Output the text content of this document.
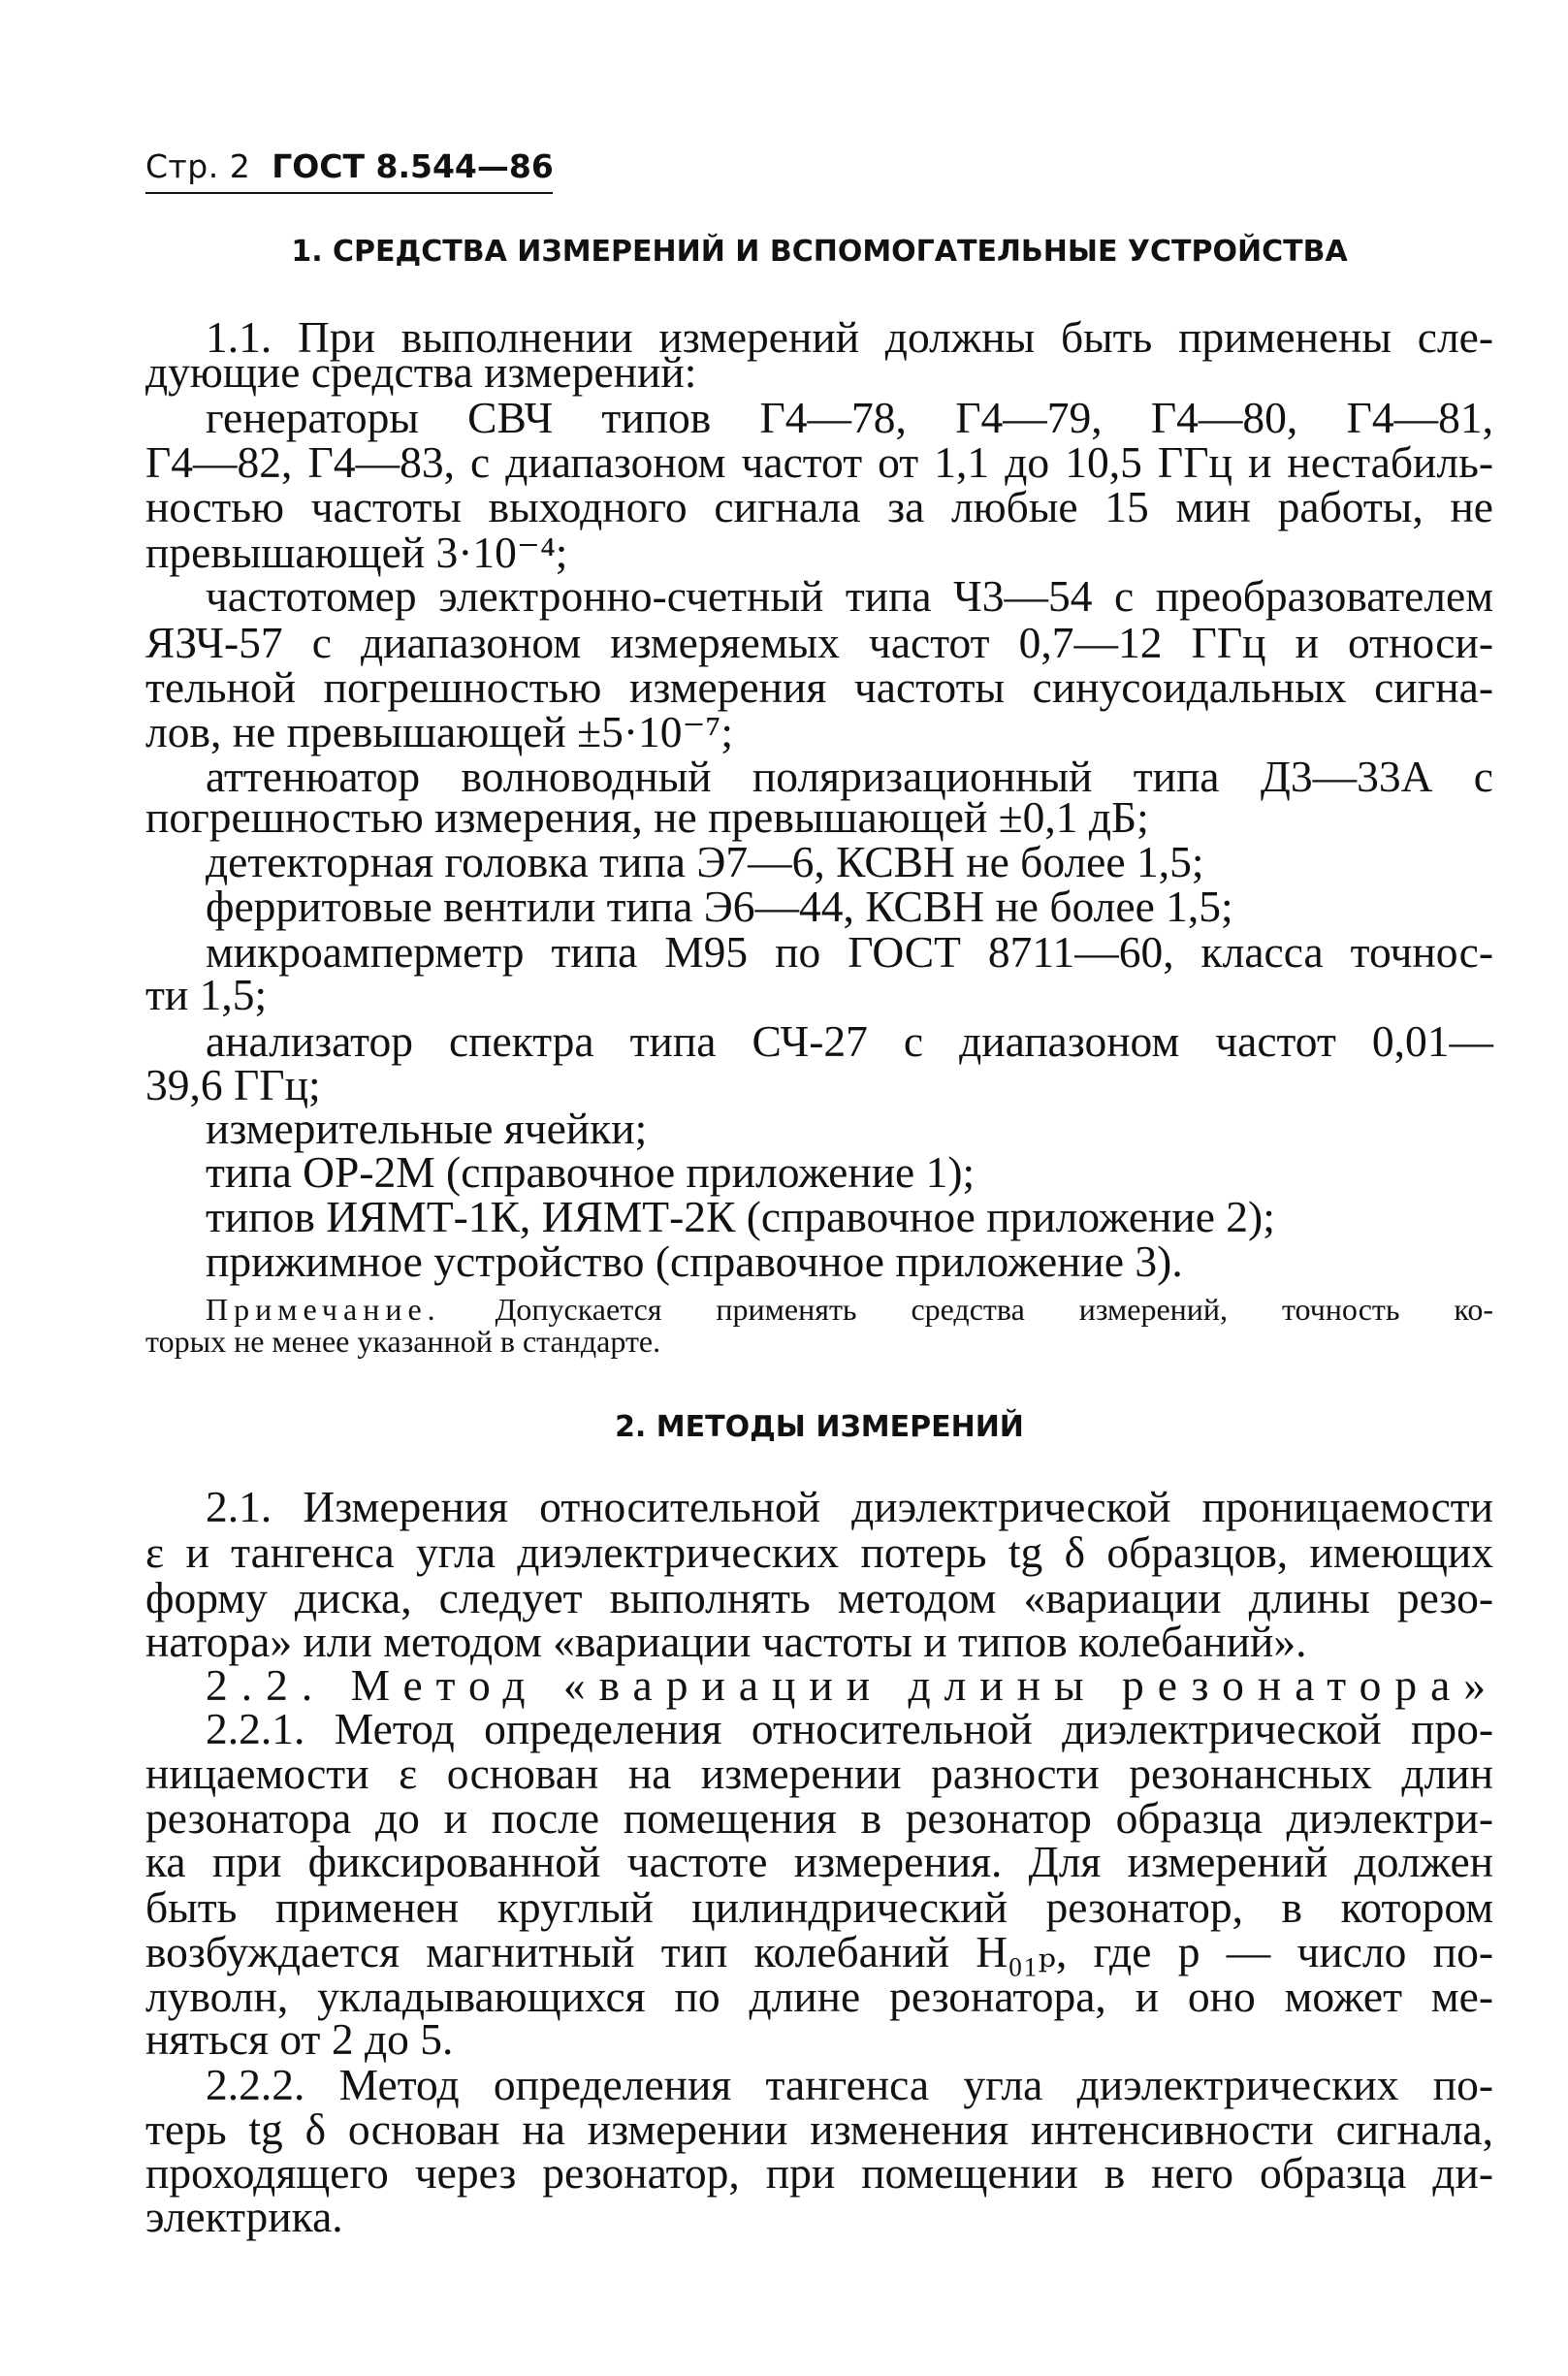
Стр. 2 ГОСТ 8.544—86
1. СРЕДСТВА ИЗМЕРЕНИЙ И ВСПОМОГАТЕЛЬНЫЕ УСТРОЙСТВА
1.1. При выполнении измерений должны быть применены сле-
дующие средства измерений:
генераторы СВЧ типов Г4—78, Г4—79, Г4—80, Г4—81,
Г4—82, Г4—83, с диапазоном частот от 1,1 до 10,5 ГГц и нестабиль-
ностью частоты выходного сигнала за любые 15 мин работы, не
превышающей 3·10⁻⁴;
частотомер электронно-счетный типа Ч3—54 с преобразователем
ЯЗЧ-57 с диапазоном измеряемых частот 0,7—12 ГГц и относи-
тельной погрешностью измерения частоты синусоидальных сигна-
лов, не превышающей ±5·10⁻⁷;
аттенюатор волноводный поляризационный типа Д3—33А с
погрешностью измерения, не превышающей ±0,1 дБ;
детекторная головка типа Э7—6, КСВН не более 1,5;
ферритовые вентили типа Э6—44, КСВН не более 1,5;
микроамперметр типа М95 по ГОСТ 8711—60, класса точнос-
ти 1,5;
анализатор спектра типа СЧ-27 с диапазоном частот 0,01—
39,6 ГГц;
измерительные ячейки;
типа ОР-2М (справочное приложение 1);
типов ИЯМТ-1К, ИЯМТ-2К (справочное приложение 2);
прижимное устройство (справочное приложение 3).
Примечание. Допускается применять средства измерений, точность ко-
торых не менее указанной в стандарте.
2. МЕТОДЫ ИЗМЕРЕНИЙ
2.1. Измерения относительной диэлектрической проницаемости
ε и тангенса угла диэлектрических потерь tg δ образцов, имеющих
форму диска, следует выполнять методом «вариации длины резо-
натора» или методом «вариации частоты и типов колебаний».
2.2. Метод «вариации длины резонатора»
2.2.1. Метод определения относительной диэлектрической про-
ницаемости ε основан на измерении разности резонансных длин
резонатора до и после помещения в резонатор образца диэлектри-
ка при фиксированной частоте измерения. Для измерений должен
быть применен круглый цилиндрический резонатор, в котором
возбуждается магнитный тип колебаний H₀₁ₚ, где p — число по-
луволн, укладывающихся по длине резонатора, и оно может ме-
няться от 2 до 5.
2.2.2. Метод определения тангенса угла диэлектрических по-
терь tg δ основан на измерении изменения интенсивности сигнала,
проходящего через резонатор, при помещении в него образца ди-
электрика.
